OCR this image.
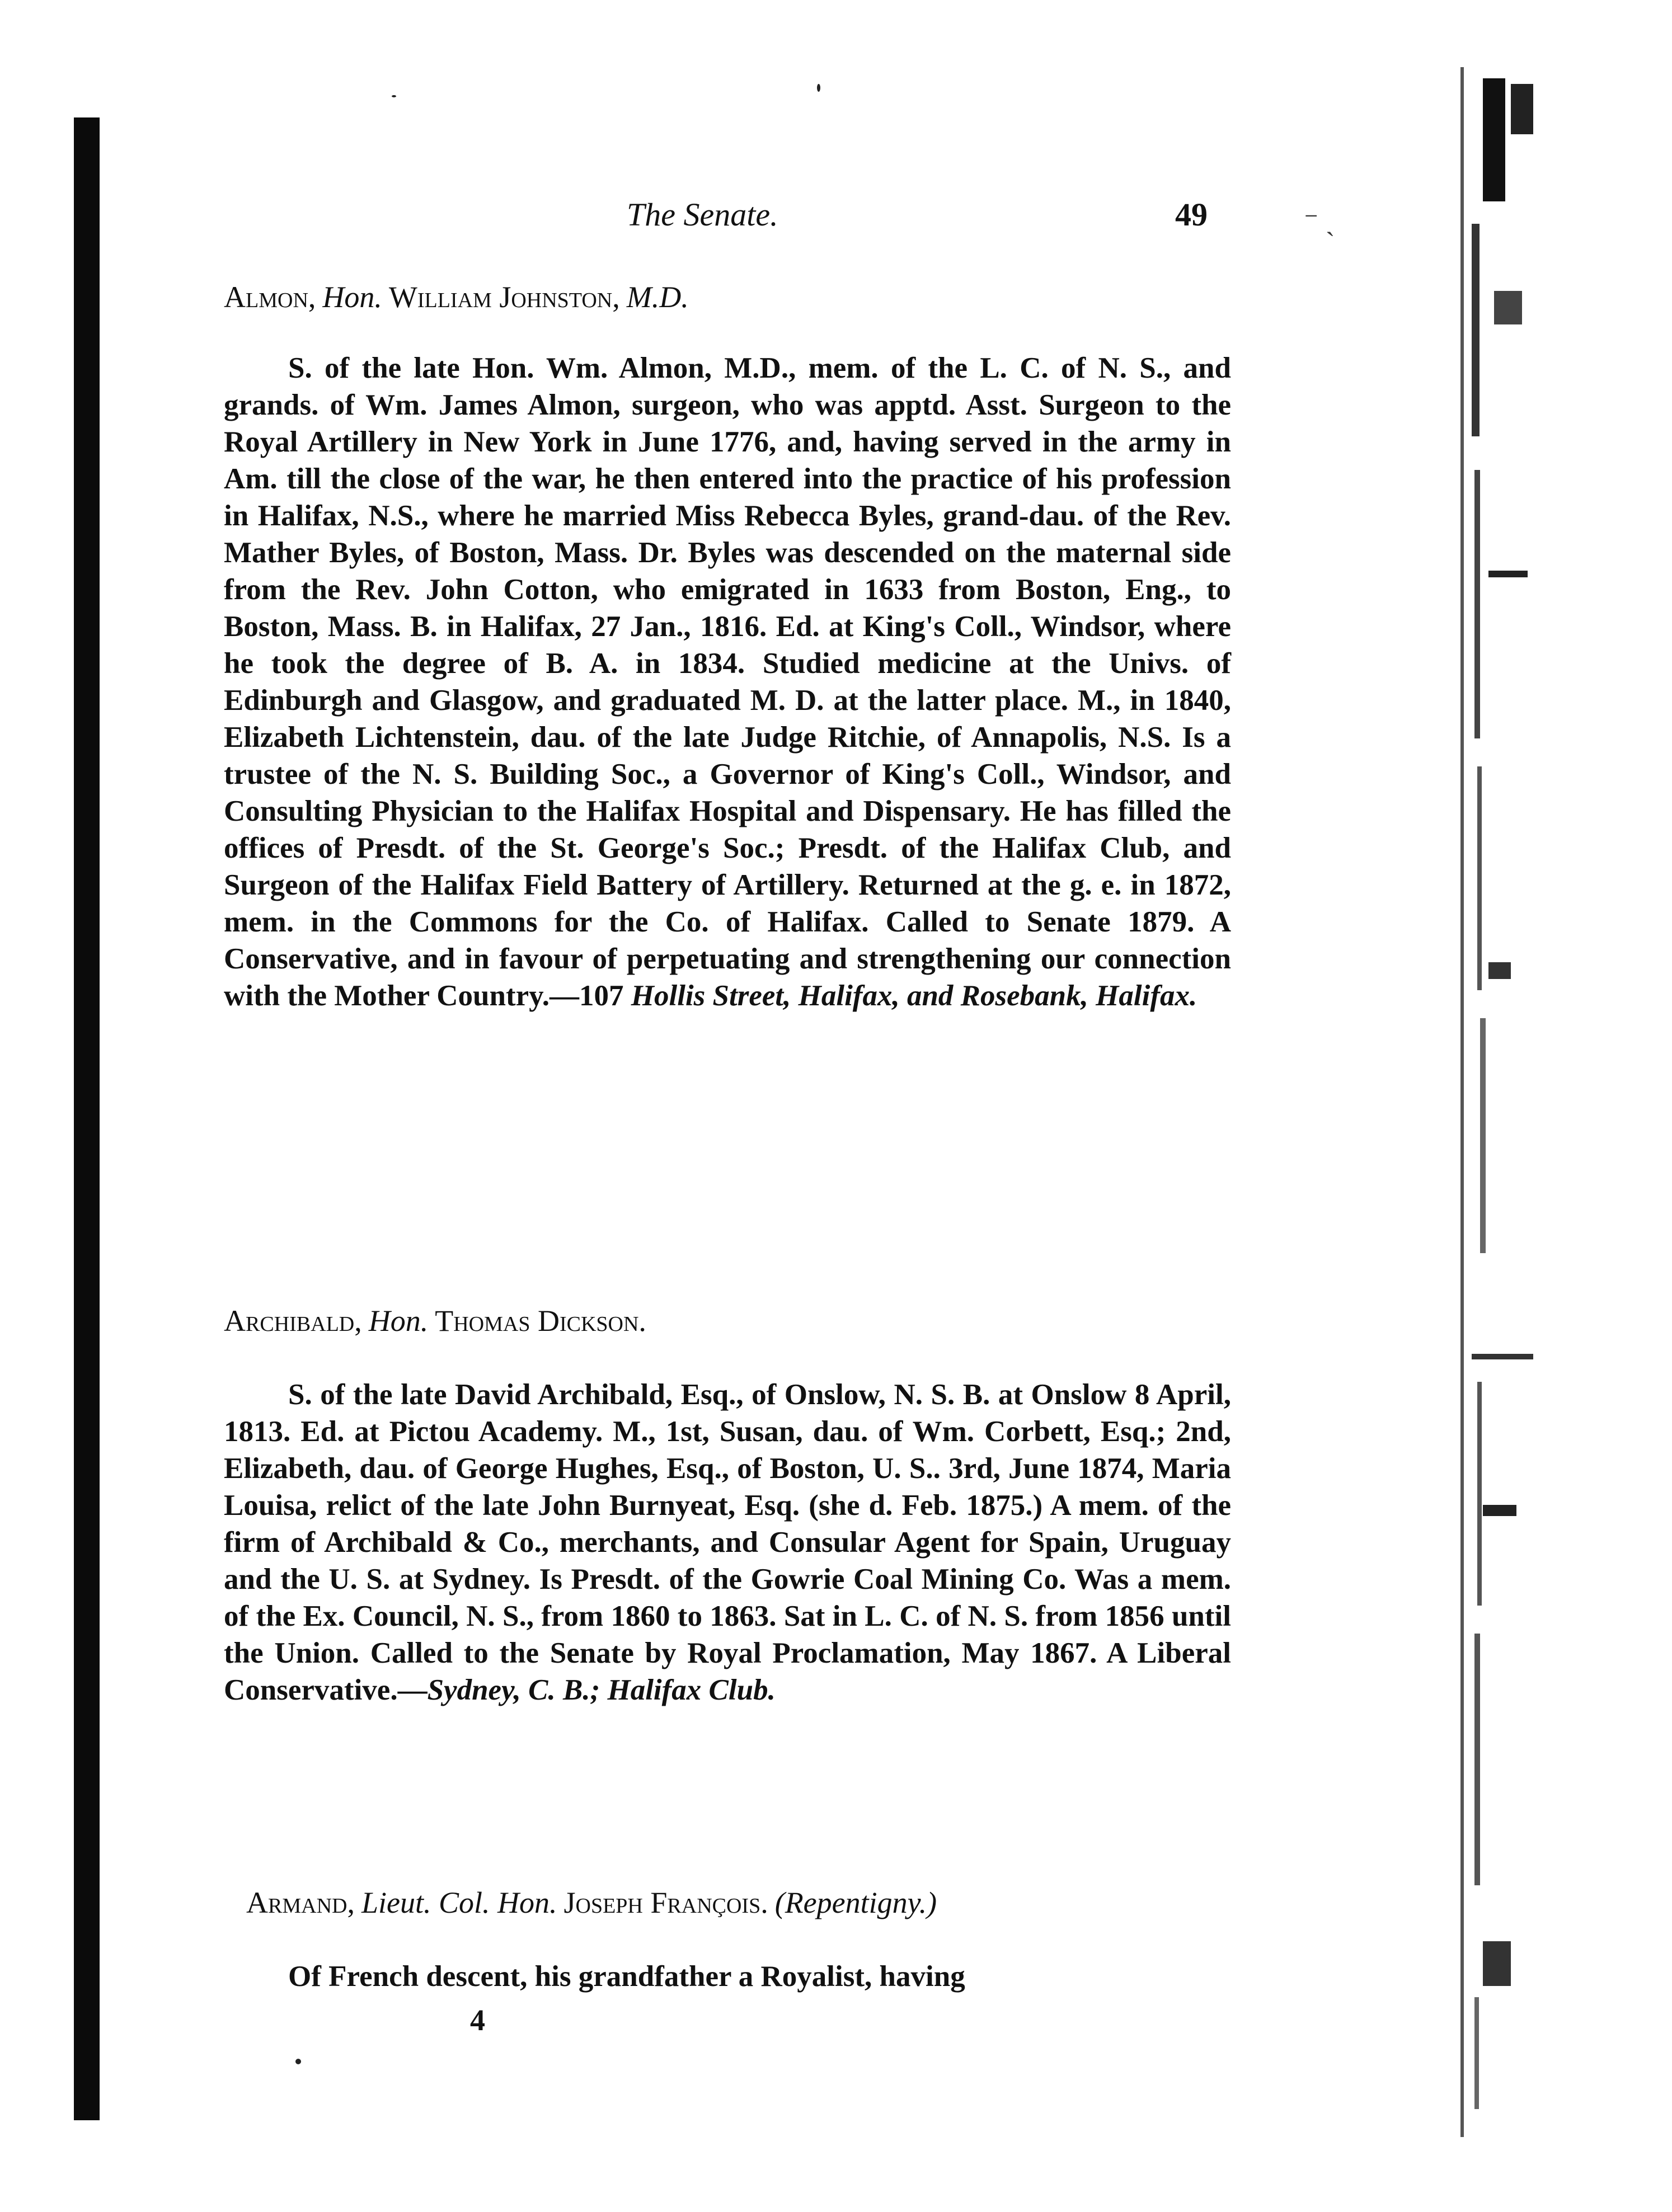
The Senate.	49	⁻ ˎ
Almon, Hon. William Johnston, M.D.

S. of the late Hon. Wm. Almon, M.D., mem. of the L. C. of N. S., and grands. of Wm. James Almon, surgeon, who was apptd. Asst. Surgeon to the Royal Artillery in New York in June 1776, and, having served in the army in Am. till the close of the war, he then entered into the practice of his profession in Halifax, N.S., where he married Miss Rebecca Byles, grand-dau. of the Rev. Mather Byles, of Boston, Mass. Dr. Byles was descended on the maternal side from the Rev. John Cotton, who emigrated in 1633 from Boston, Eng., to Boston, Mass. B. in Halifax, 27 Jan., 1816. Ed. at King's Coll., Windsor, where he took the degree of B. A. in 1834. Studied medicine at the Univs. of Edinburgh and Glasgow, and graduated M. D. at the latter place. M., in 1840, Elizabeth Lichtenstein, dau. of the late Judge Ritchie, of Annapolis, N.S. Is a trustee of the N. S. Building Soc., a Governor of King's Coll., Windsor, and Consulting Physician to the Halifax Hospital and Dispensary. He has filled the offices of Presdt. of the St. George's Soc.; Presdt. of the Halifax Club, and Surgeon of the Halifax Field Battery of Artillery. Returned at the g. e. in 1872, mem. in the Commons for the Co. of Halifax. Called to Senate 1879. A Conservative, and in favour of perpetuating and strengthening our connection with the Mother Country.—107 Hollis Street, Halifax, and Rosebank, Halifax.

Archibald, Hon. Thomas Dickson.

S. of the late David Archibald, Esq., of Onslow, N. S. B. at Onslow 8 April, 1813. Ed. at Pictou Academy. M., 1st, Susan, dau. of Wm. Corbett, Esq.; 2nd, Elizabeth, dau. of George Hughes, Esq., of Boston, U. S.. 3rd, June 1874, Maria Louisa, relict of the late John Burnyeat, Esq. (she d. Feb. 1875.) A mem. of the firm of Archibald & Co., merchants, and Consular Agent for Spain, Uruguay and the U. S. at Sydney. Is Presdt. of the Gowrie Coal Mining Co. Was a mem. of the Ex. Council, N. S., from 1860 to 1863. Sat in L. C. of N. S. from 1856 until the Union. Called to the Senate by Royal Proclamation, May 1867. A Liberal Conservative.—Sydney, C. B.; Halifax Club.

Armand, Lieut. Col. Hon. Joseph François. (Repentigny.)

Of French descent, his grandfather a Royalist, having

4
